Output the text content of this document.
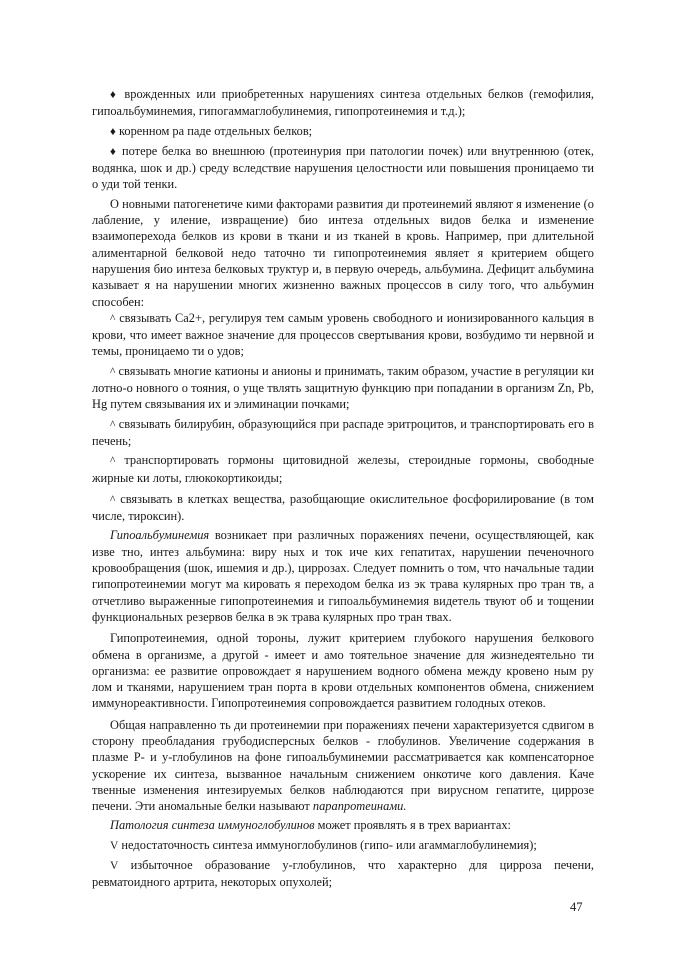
♦ врожденных или приобретенных нарушениях синтеза отдельных белков (гемофилия, гипоальбуминемия, гипогаммаглобулинемия, гипопротеинемия и т.д.);

♦ коренном ра паде отдельных белков;

♦ потере белка во внешнюю (протеинурия при патологии почек) или внутреннюю (отек, водянка, шок и др.) среду вследствие нарушения целостности или повышения проницаемо ти о уди той тенки.

О новными патогенетиче кими факторами развития ди протеинемий являют я изменение (о лабление, у иление, извращение) био интеза отдельных видов белка и изменение взаимоперехода белков из крови в ткани и из тканей в кровь. Например, при длительной алиментарной белковой недо таточно ти гипопротеинемия являет я критерием общего нарушения био интеза белковых труктур и, в первую очередь, альбумина. Дефицит альбумина казывает я на нарушении многих жизненно важных процессов в силу того, что альбумин способен:

^ связывать Са2+, регулируя тем самым уровень свободного и ионизированного кальция в крови, что имеет важное значение для процессов свертывания крови, возбудимо ти нервной и темы, проницаемо ти о удов;

^ связывать многие катионы и анионы и принимать, таким образом, участие в регуляции ки лотно-о новного о тояния, о уще твлять защитную функцию при попадании в организм Zn, Pb, Hg путем связывания их и элиминации почками;

^ связывать билирубин, образующийся при распаде эритроцитов, и транспортировать его в печень;

^ транспортировать гормоны щитовидной железы, стероидные гормоны, свободные жирные ки лоты, глюкокортикоиды;

^ связывать в клетках вещества, разобщающие окислительное фосфорилирование (в том числе, тироксин).

Гипоальбуминемия возникает при различных поражениях печени, осуществляющей, как изве тно, интез альбумина: виру ных и ток иче ких гепатитах, нарушении печеночного кровообращения (шок, ишемия и др.), циррозах. Следует помнить о том, что начальные тадии гипопротеинемии могут ма кировать я переходом белка из эк трава кулярных про тран тв, а отчетливо выраженные гипопротеинемия и гипоальбуминемия видетель твуют об и тощении функциональных резервов белка в эк трава кулярных про тран твах.

Гипопротеинемия, одной тороны, лужит критерием глубокого нарушения белкового обмена в организме, а другой - имеет и амо тоятельное значение для жизнедеятельно ти организма: ее развитие опровождает я нарушением водного обмена между кровено ным ру лом и тканями, нарушением тран порта в крови отдельных компонентов обмена, снижением иммунореактивности. Гипопротеинемия сопровождается развитием голодных отеков.

Общая направленно ть ди протеинемии при поражениях печени характеризуется сдвигом в сторону преобладания грубодисперсных белков - глобулинов. Увеличение содержания в плазме Р- и у-глобулинов на фоне гипоальбуминемии рассматривается как компенсаторное ускорение их синтеза, вызванное начальным снижением онкотиче кого давления. Каче твенные изменения интезируемых белков наблюдаются при вирусном гепатите, циррозе печени. Эти аномальные белки называют парапротеинами.

Патология синтеза иммуноглобулинов может проявлять я в трех вариантах:

V недостаточность синтеза иммуноглобулинов (гипо- или агаммаглобулинемия);

V избыточное образование у-глобулинов, что характерно для цирроза печени, ревматоидного артрита, некоторых опухолей;

47
